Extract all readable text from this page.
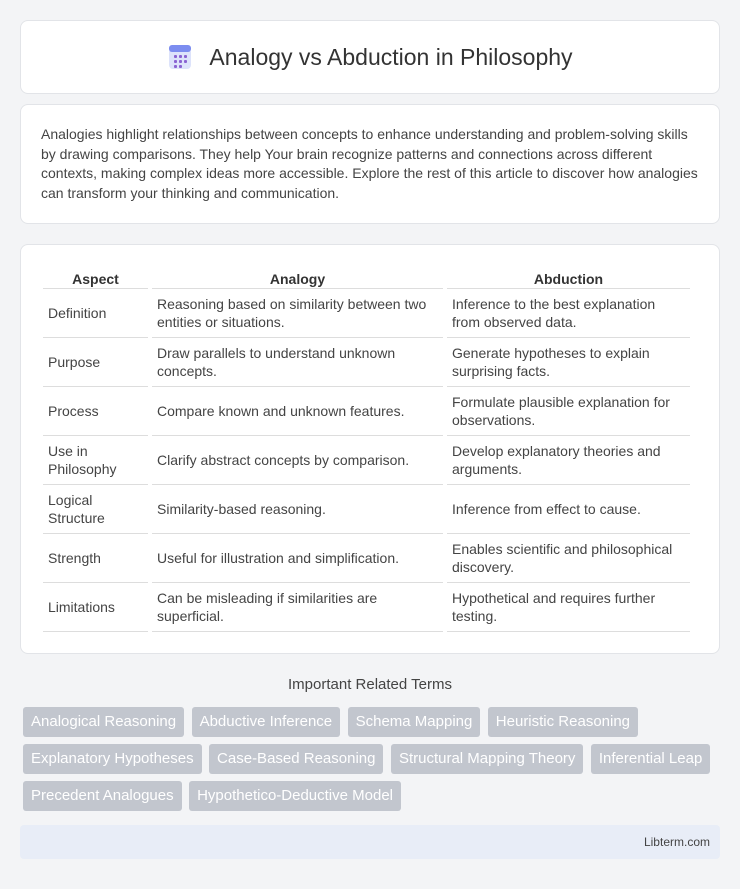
Analogy vs Abduction in Philosophy

Analogies highlight relationships between concepts to enhance understanding and problem-solving skills by drawing comparisons. They help Your brain recognize patterns and connections across different contexts, making complex ideas more accessible. Explore the rest of this article to discover how analogies can transform your thinking and communication.

Aspect	Analogy	Abduction
Definition	Reasoning based on similarity between two entities or situations.	Inference to the best explanation from observed data.
Purpose	Draw parallels to understand unknown concepts.	Generate hypotheses to explain surprising facts.
Process	Compare known and unknown features.	Formulate plausible explanation for observations.
Use in Philosophy	Clarify abstract concepts by comparison.	Develop explanatory theories and arguments.
Logical Structure	Similarity-based reasoning.	Inference from effect to cause.
Strength	Useful for illustration and simplification.	Enables scientific and philosophical discovery.
Limitations	Can be misleading if similarities are superficial.	Hypothetical and requires further testing.
Important Related Terms
Analogical Reasoning Abductive Inference Schema Mapping Heuristic Reasoning Explanatory Hypotheses Case-Based Reasoning Structural Mapping Theory Inferential Leap Precedent Analogues Hypothetico-Deductive Model
Libterm.com
